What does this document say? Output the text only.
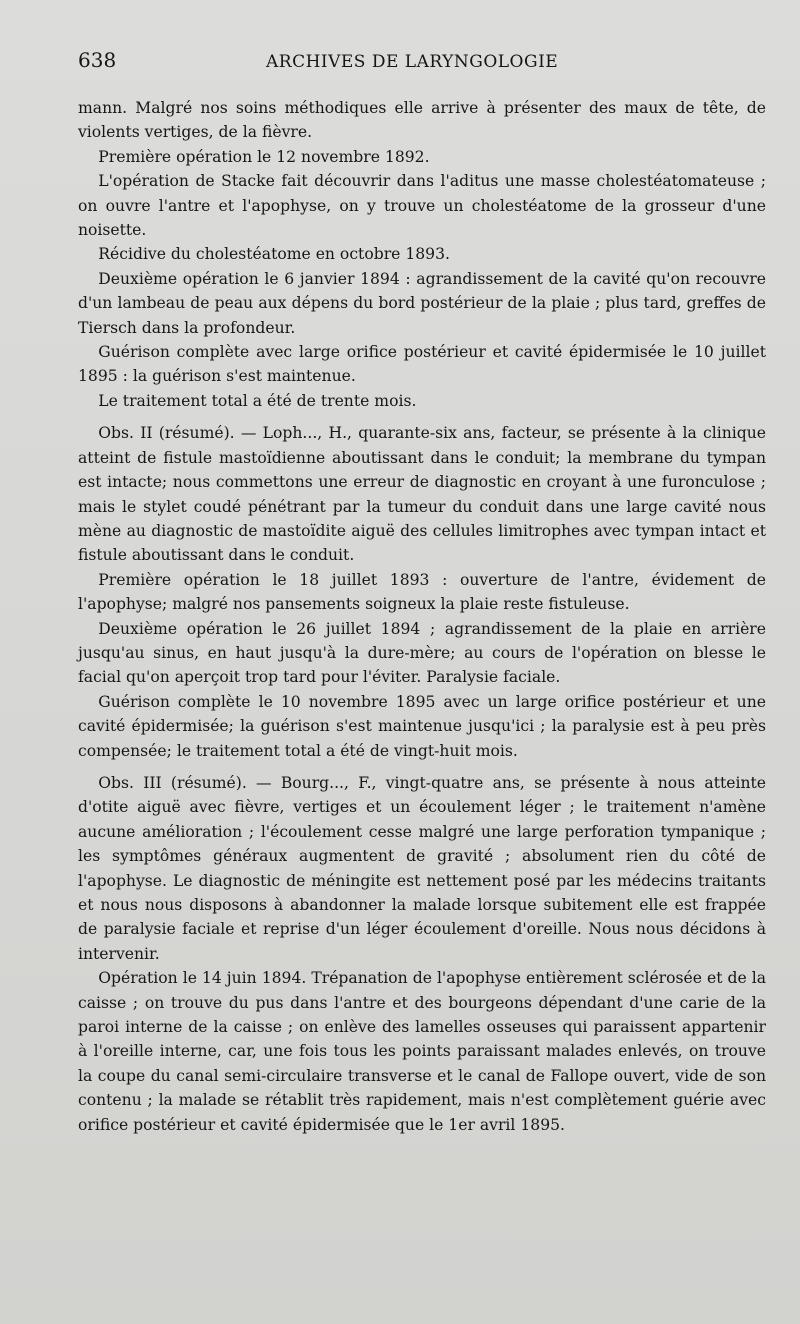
638	ARCHIVES DE LARYNGOLOGIE

mann. Malgré nos soins méthodiques elle arrive à présenter des maux de tête, de violents vertiges, de la fièvre.

Première opération le 12 novembre 1892.

L'opération de Stacke fait découvrir dans l'aditus une masse cholestéatomateuse ; on ouvre l'antre et l'apophyse, on y trouve un cholestéatome de la grosseur d'une noisette.

Récidive du cholestéatome en octobre 1893.

Deuxième opération le 6 janvier 1894 : agrandissement de la cavité qu'on recouvre d'un lambeau de peau aux dépens du bord postérieur de la plaie ; plus tard, greffes de Tiersch dans la profondeur.

Guérison complète avec large orifice postérieur et cavité épidermisée le 10 juillet 1895 : la guérison s'est maintenue.

Le traitement total a été de trente mois.

Obs. II (résumé). — Loph..., H., quarante-six ans, facteur, se présente à la clinique atteint de fistule mastoïdienne aboutissant dans le conduit; la membrane du tympan est intacte; nous commettons une erreur de diagnostic en croyant à une furonculose ; mais le stylet coudé pénétrant par la tumeur du conduit dans une large cavité nous mène au diagnostic de mastoïdite aiguë des cellules limitrophes avec tympan intact et fistule aboutissant dans le conduit.

Première opération le 18 juillet 1893 : ouverture de l'antre, évidement de l'apophyse; malgré nos pansements soigneux la plaie reste fistuleuse.

Deuxième opération le 26 juillet 1894 ; agrandissement de la plaie en arrière jusqu'au sinus, en haut jusqu'à la dure-mère; au cours de l'opération on blesse le facial qu'on aperçoit trop tard pour l'éviter. Paralysie faciale.

Guérison complète le 10 novembre 1895 avec un large orifice postérieur et une cavité épidermisée; la guérison s'est maintenue jusqu'ici ; la paralysie est à peu près compensée; le traitement total a été de vingt-huit mois.

Obs. III (résumé). — Bourg..., F., vingt-quatre ans, se présente à nous atteinte d'otite aiguë avec fièvre, vertiges et un écoulement léger ; le traitement n'amène aucune amélioration ; l'écoulement cesse malgré une large perforation tympanique ; les symptômes généraux augmentent de gravité ; absolument rien du côté de l'apophyse. Le diagnostic de méningite est nettement posé par les médecins traitants et nous nous disposons à abandonner la malade lorsque subitement elle est frappée de paralysie faciale et reprise d'un léger écoulement d'oreille. Nous nous décidons à intervenir.

Opération le 14 juin 1894. Trépanation de l'apophyse entièrement sclérosée et de la caisse ; on trouve du pus dans l'antre et des bourgeons dépendant d'une carie de la paroi interne de la caisse ; on enlève des lamelles osseuses qui paraissent appartenir à l'oreille interne, car, une fois tous les points paraissant malades enlevés, on trouve la coupe du canal semi-circulaire transverse et le canal de Fallope ouvert, vide de son contenu ; la malade se rétablit très rapidement, mais n'est complètement guérie avec orifice postérieur et cavité épidermisée que le 1er avril 1895.
